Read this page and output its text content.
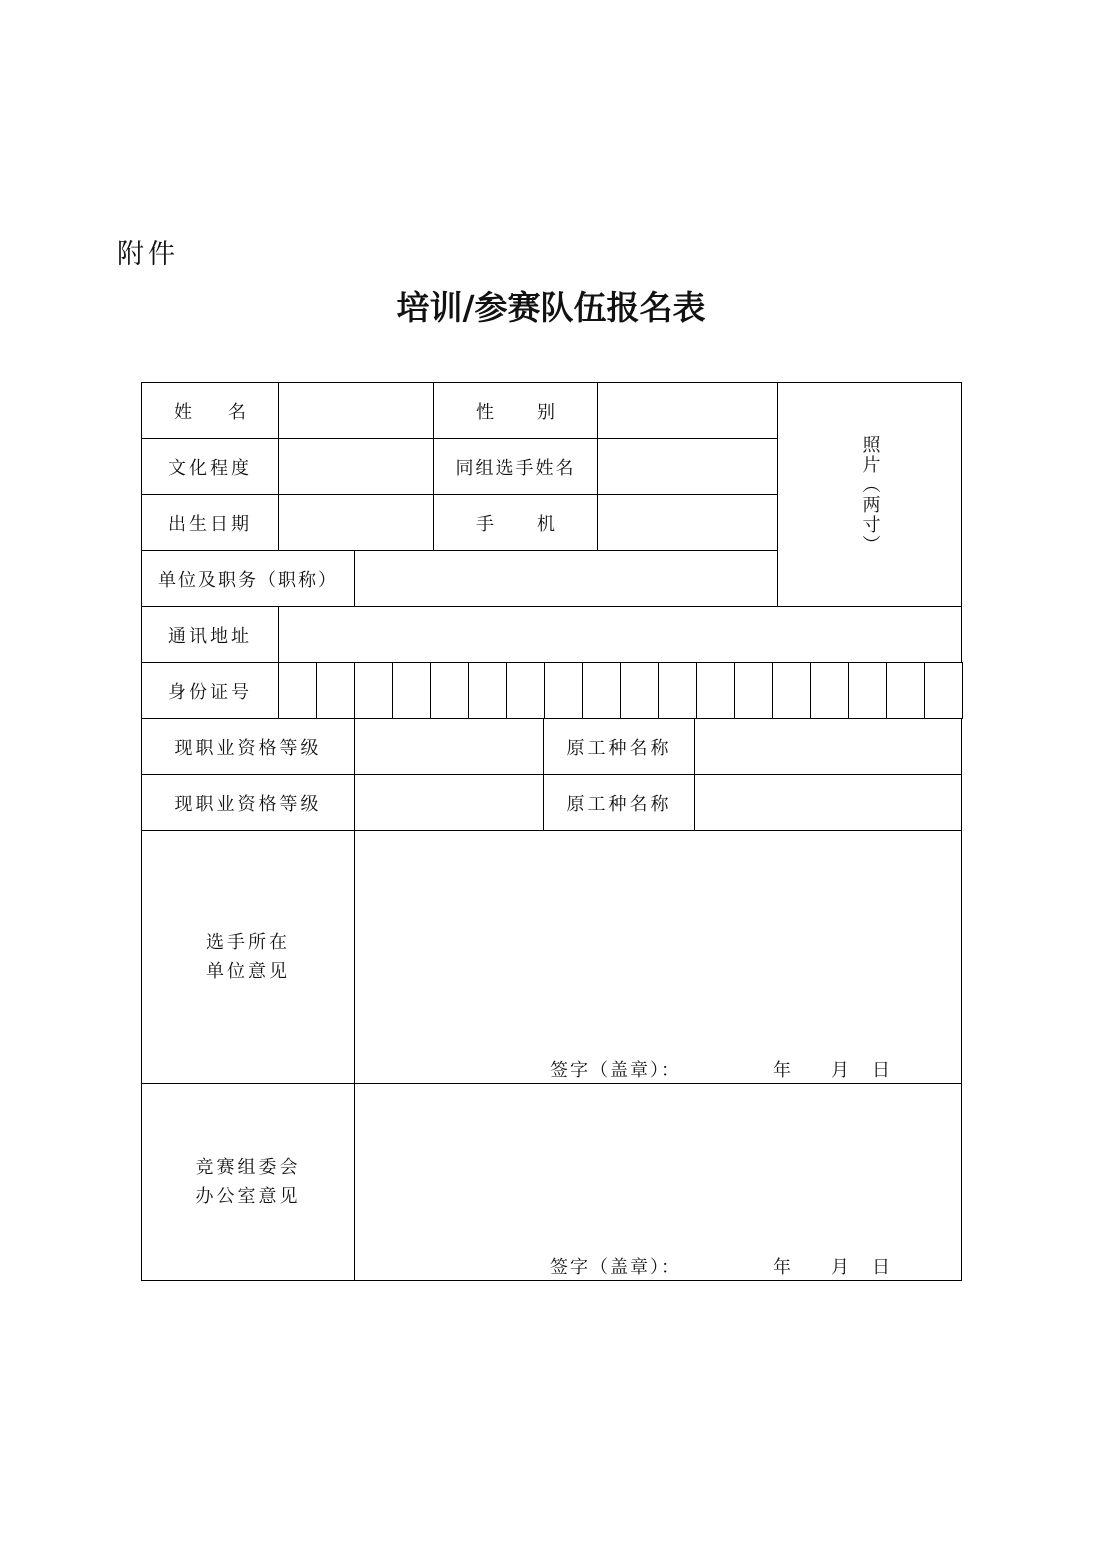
附件
培训/参赛队伍报名表
姓 名	性 别
照片（两寸）
文化程度	同组选手姓名
出生日期	手 机
单位及职务（职称）
通讯地址
身份证号
现职业资格等级	原工种名称
现职业资格等级	原工种名称
选手所在
单位意见
签字（盖章）：	年 月 日
竞赛组委会
办公室意见
签字（盖章）：	年 月 日
